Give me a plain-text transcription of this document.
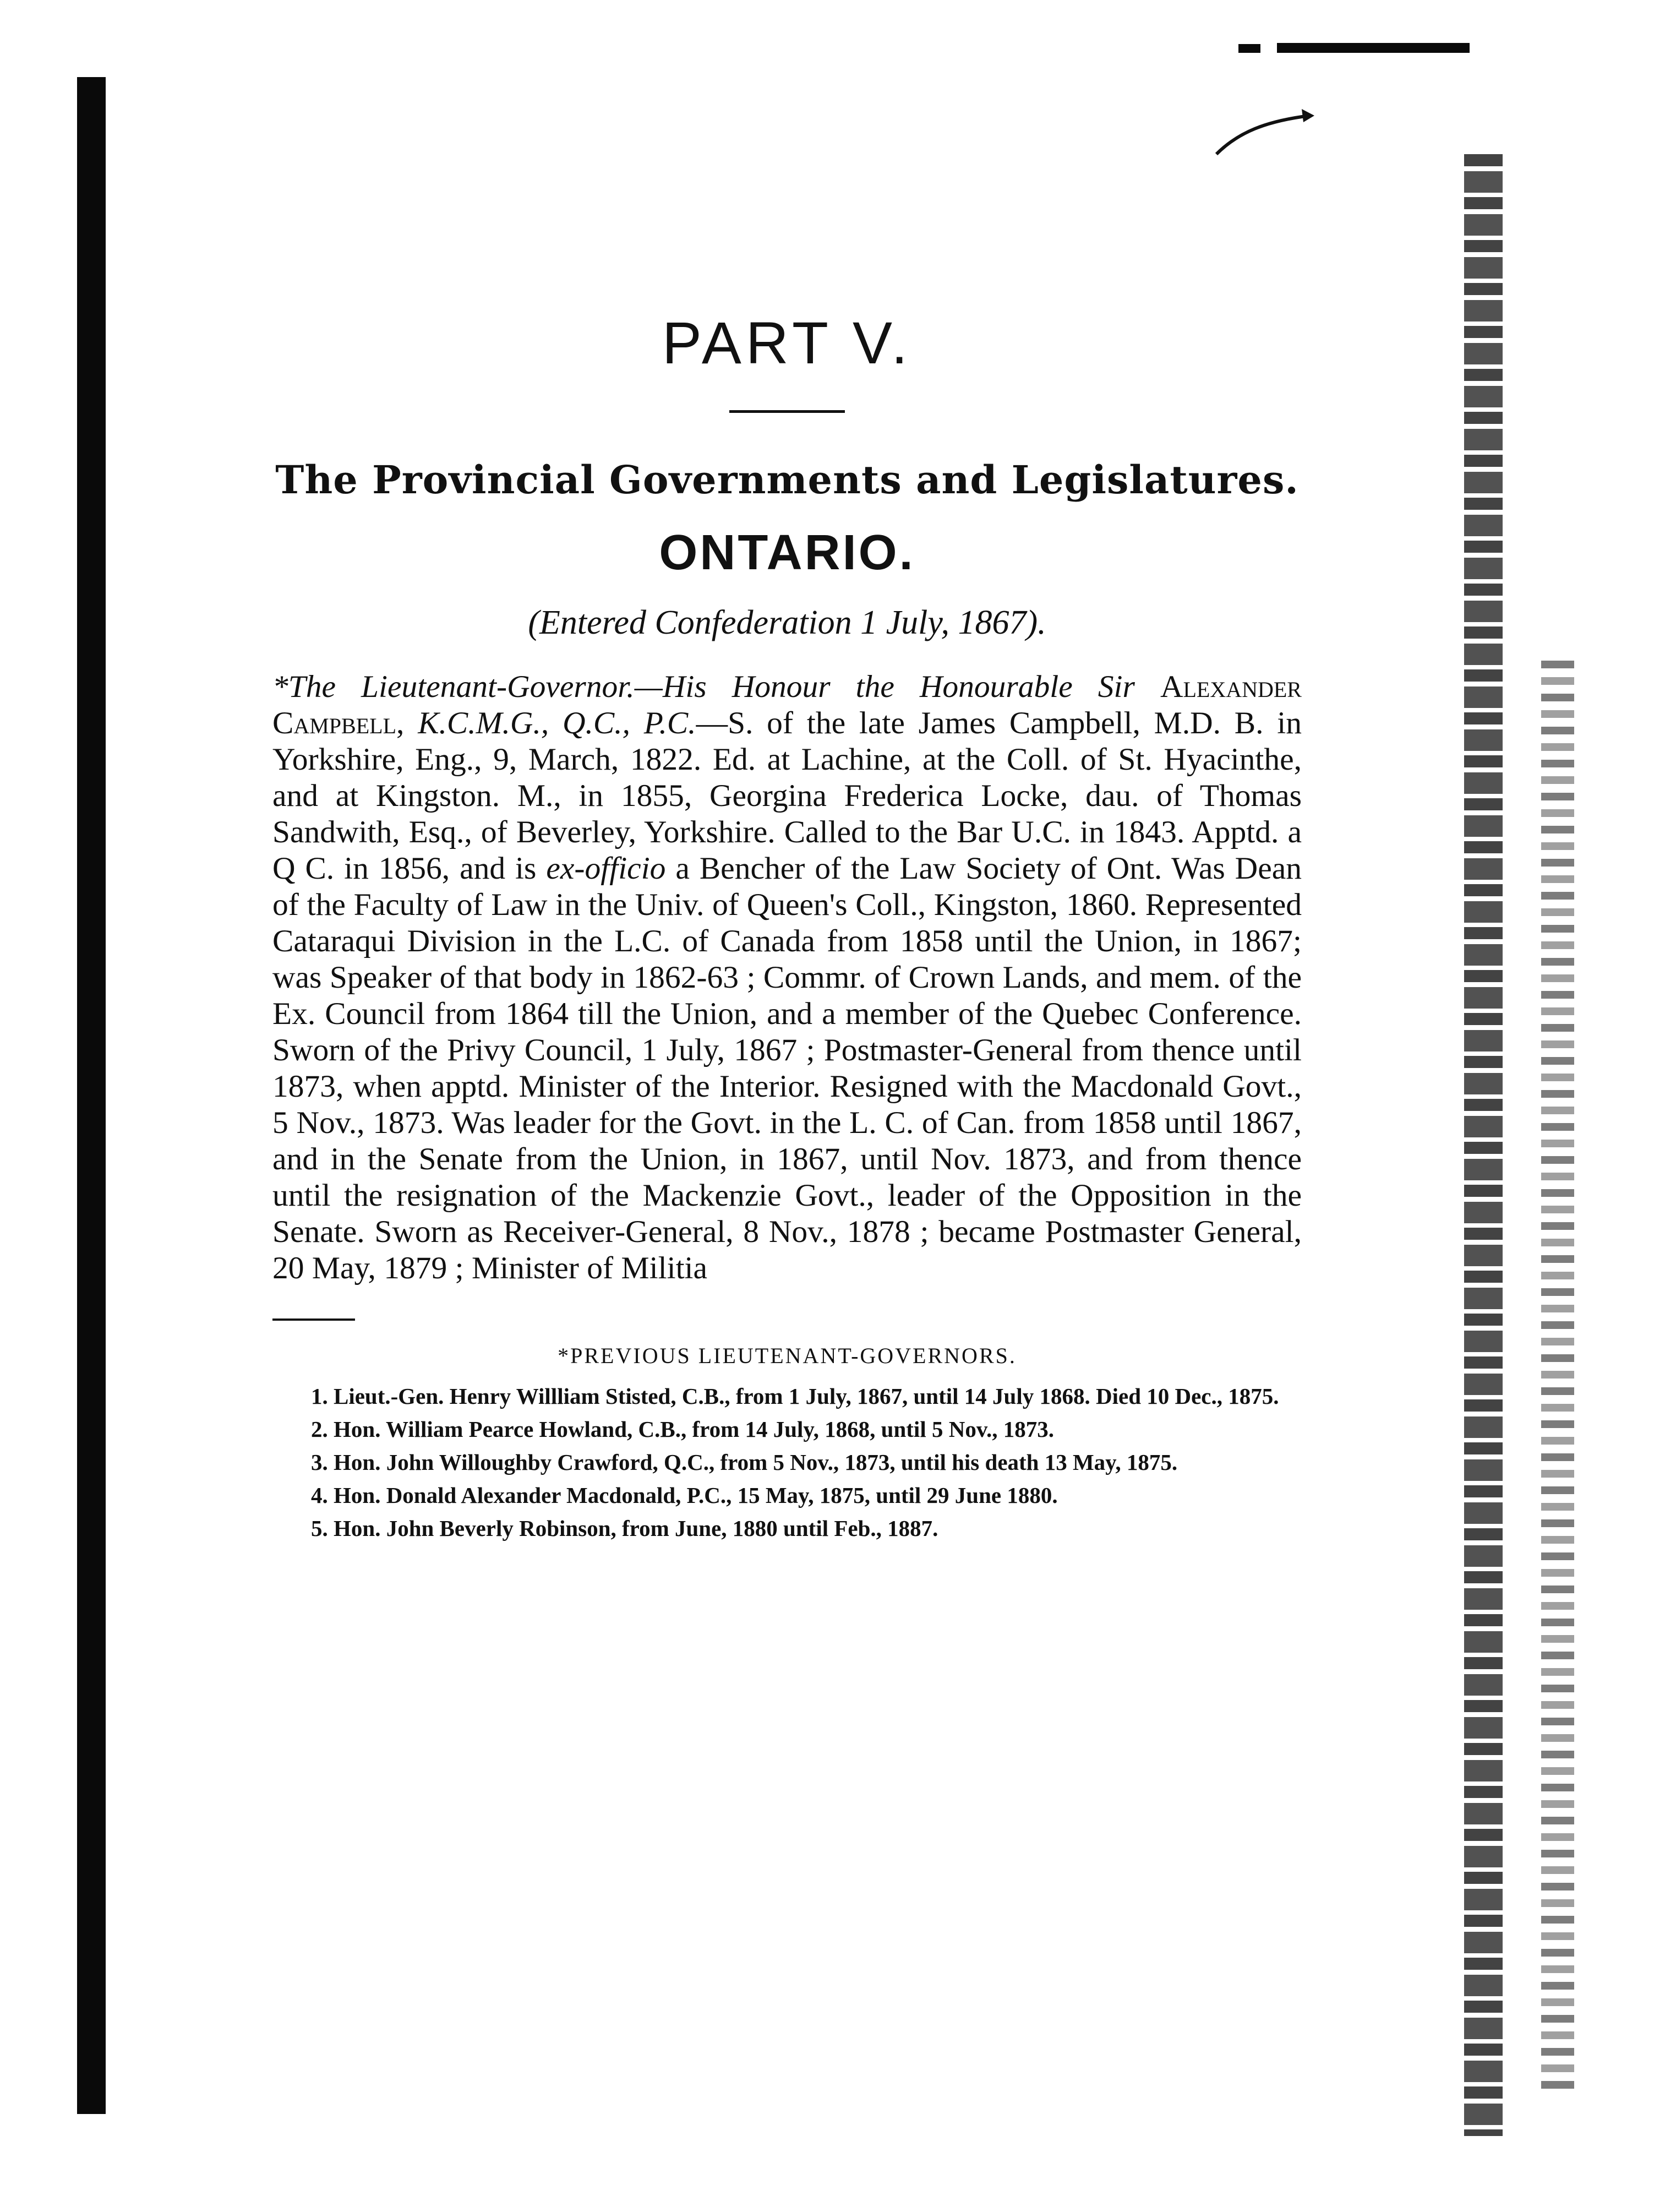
PART V.
The Provincial Governments and Legislatures.
ONTARIO.

(Entered Confederation 1 July, 1867).

*The Lieutenant-Governor.—His Honour the Honourable Sir Alexander Campbell, K.C.M.G., Q.C., P.C.—S. of the late James Campbell, M.D. B. in Yorkshire, Eng., 9, March, 1822. Ed. at Lachine, at the Coll. of St. Hyacinthe, and at Kingston. M., in 1855, Georgina Frederica Locke, dau. of Thomas Sandwith, Esq., of Beverley, Yorkshire. Called to the Bar U.C. in 1843. Apptd. a Q C. in 1856, and is ex-officio a Bencher of the Law Society of Ont. Was Dean of the Faculty of Law in the Univ. of Queen's Coll., Kingston, 1860. Represented Cataraqui Division in the L.C. of Canada from 1858 until the Union, in 1867; was Speaker of that body in 1862-63 ; Commr. of Crown Lands, and mem. of the Ex. Council from 1864 till the Union, and a member of the Quebec Conference. Sworn of the Privy Council, 1 July, 1867 ; Postmaster-General from thence until 1873, when apptd. Minister of the Interior. Resigned with the Macdonald Govt., 5 Nov., 1873. Was leader for the Govt. in the L. C. of Can. from 1858 until 1867, and in the Senate from the Union, in 1867, until Nov. 1873, and from thence until the resignation of the Mackenzie Govt., leader of the Opposition in the Senate. Sworn as Receiver-General, 8 Nov., 1878 ; became Postmaster General, 20 May, 1879 ; Minister of Militia

*PREVIOUS LIEUTENANT-GOVERNORS.

1. Lieut.-Gen. Henry Willliam Stisted, C.B., from 1 July, 1867, until 14 July 1868. Died 10 Dec., 1875.
2. Hon. William Pearce Howland, C.B., from 14 July, 1868, until 5 Nov., 1873.
3. Hon. John Willoughby Crawford, Q.C., from 5 Nov., 1873, until his death 13 May, 1875.
4. Hon. Donald Alexander Macdonald, P.C., 15 May, 1875, until 29 June 1880.
5. Hon. John Beverly Robinson, from June, 1880 until Feb., 1887.
